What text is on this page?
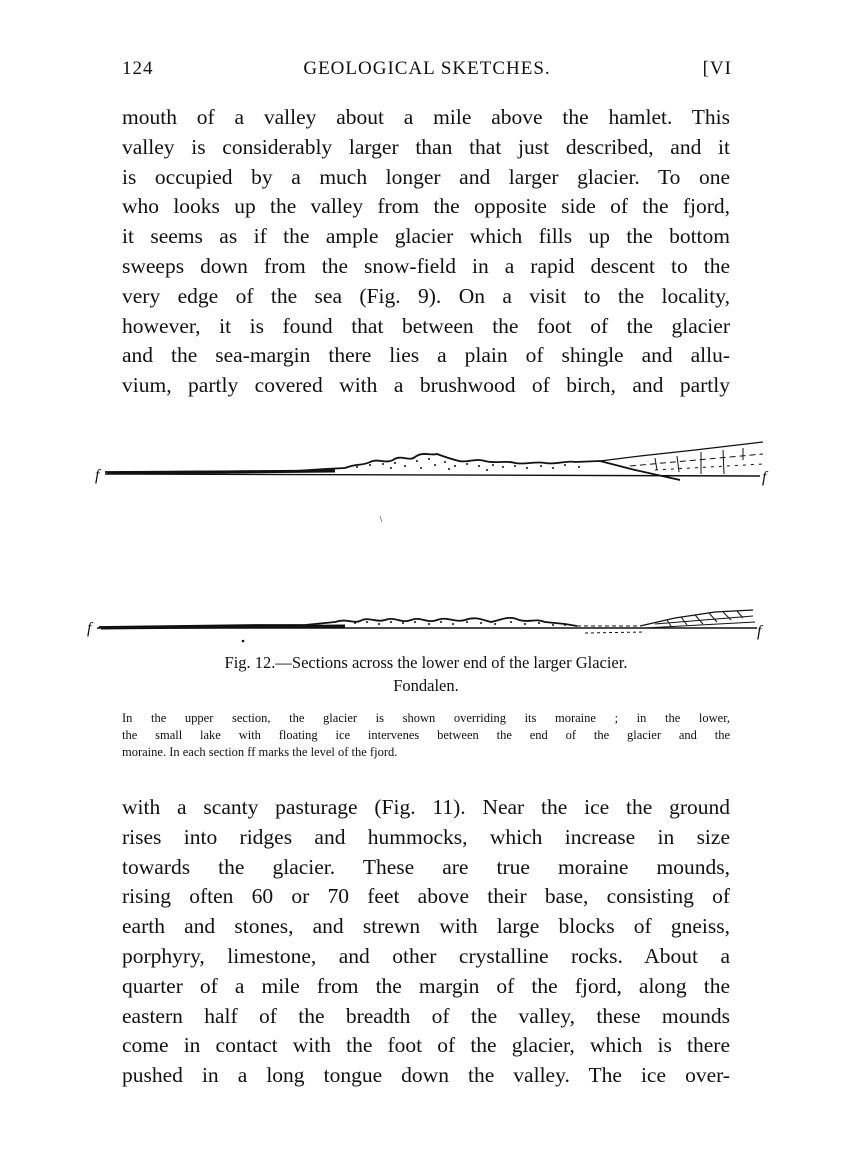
124	GEOLOGICAL SKETCHES.	[VI

mouth of a valley about a mile above the hamlet. This
valley is considerably larger than that just described, and it
is occupied by a much longer and larger glacier. To one
who looks up the valley from the opposite side of the fjord,
it seems as if the ample glacier which fills up the bottom
sweeps down from the snow-field in a rapid descent to the
very edge of the sea (Fig. 9). On a visit to the locality,
however, it is found that between the foot of the glacier
and the sea-margin there lies a plain of shingle and allu-
vium, partly covered with a brushwood of birch, and partly

f	f
f	f
Fig. 12.—Sections across the lower end of the larger Glacier.
Fondalen.

In the upper section, the glacier is shown overriding its moraine ; in the lower,
the small lake with floating ice intervenes between the end of the glacier and the
moraine. In each section ff marks the level of the fjord.

with a scanty pasturage (Fig. 11). Near the ice the ground
rises into ridges and hummocks, which increase in size
towards the glacier. These are true moraine mounds,
rising often 60 or 70 feet above their base, consisting of
earth and stones, and strewn with large blocks of gneiss,
porphyry, limestone, and other crystalline rocks. About a
quarter of a mile from the margin of the fjord, along the
eastern half of the breadth of the valley, these mounds
come in contact with the foot of the glacier, which is there
pushed in a long tongue down the valley. The ice over-
